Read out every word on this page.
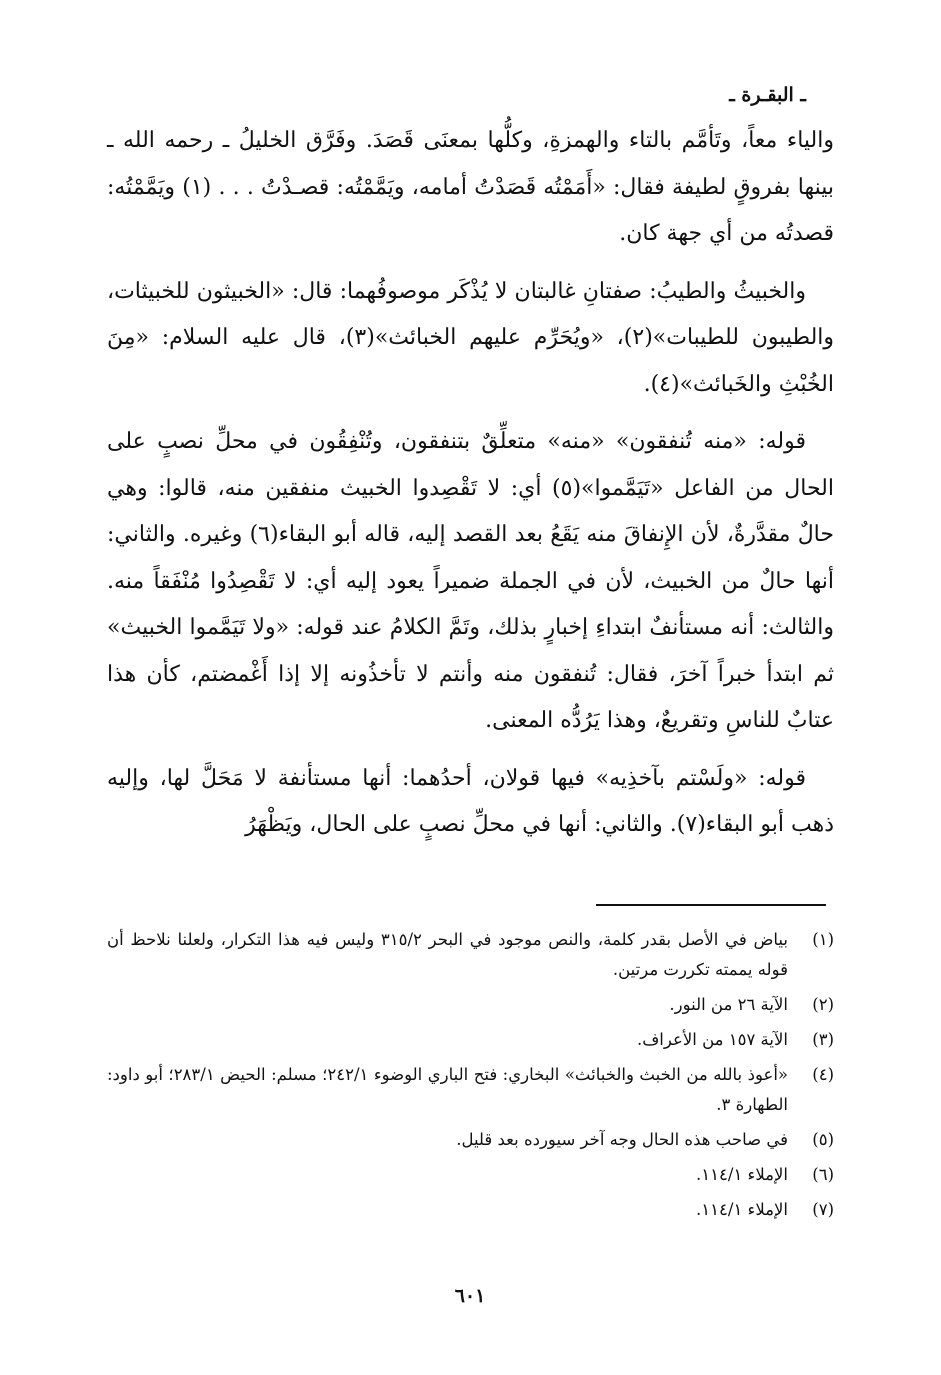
ـ البقـرة ـ

والياء معاً، وتَأمَّم بالتاء والهمزةِ، وكلُّها بمعنَى قَصَدَ. وفَرَّق الخليلُ ـ رحمه الله ـ بينها بفروقٍ لطيفة فقال: «أَمَمْتُه قَصَدْتُ أمامه، ويَمَّمْتُه: قصـدْتُ . . . (١) ويَمَّمْتُه: قصدتُه من أي جهة كان.

والخبيثُ والطيبُ: صفتانِ غالبتان لا يُذْكَر موصوفُهما: قال: «الخبيثون للخبيثات، والطيبون للطيبات»(٢)، «ويُحَرِّم عليهم الخبائث»(٣)، قال عليه السلام: «مِنَ الخُبْثِ والخَبائث»(٤).

قوله: «منه تُنفقون» «منه» متعلِّقٌ بتنفقون، وتُنْفِقُون في محلِّ نصبٍ على الحال من الفاعل «تَيَمَّموا»(٥) أي: لا تَقْصِدوا الخبيث منفقين منه، قالوا: وهي حالٌ مقدَّرةٌ، لأن الإِنفاقَ منه يَقَعُ بعد القصد إليه، قاله أبو البقاء(٦) وغيره. والثاني: أنها حالٌ من الخبيث، لأن في الجملة ضميراً يعود إليه أي: لا تَقْصِدُوا مُنْفَقاً منه. والثالث: أنه مستأنفٌ ابتداءِ إخبارٍ بذلك، وتَمَّ الكلامُ عند قوله: «ولا تَيَمَّموا الخبيث» ثم ابتدأ خبراً آخرَ، فقال: تُنفقون منه وأنتم لا تأخذُونه إلا إذا أَغْمضتم، كأن هذا عتابٌ للناسِ وتقريعٌ، وهذا يَرُدُّه المعنى.

قوله: «ولَسْتم بآخذِيه» فيها قولان، أحدُهما: أنها مستأنفة لا مَحَلَّ لها، وإليه ذهب أبو البقاء(٧). والثاني: أنها في محلِّ نصبٍ على الحال، ويَظْهَرُ

(١)
بياض في الأصل بقدر كلمة، والنص موجود في البحر ٣١٥/٢ وليس فيه هذا التكرار، ولعلنا نلاحظ أن قوله يممته تكررت مرتين.
(٢)
الآية ٢٦ من النور.
(٣)
الآية ١٥٧ من الأعراف.
(٤)
«أعوذ بالله من الخبث والخبائث» البخاري: فتح الباري الوضوء ٢٤٢/١؛ مسلم: الحيض ٢٨٣/١؛ أبو داود: الطهارة ٣.
(٥)
في صاحب هذه الحال وجه آخر سيورده بعد قليل.
(٦)
الإملاء ١١٤/١.
(٧)
الإملاء ١١٤/١.
٦٠١
